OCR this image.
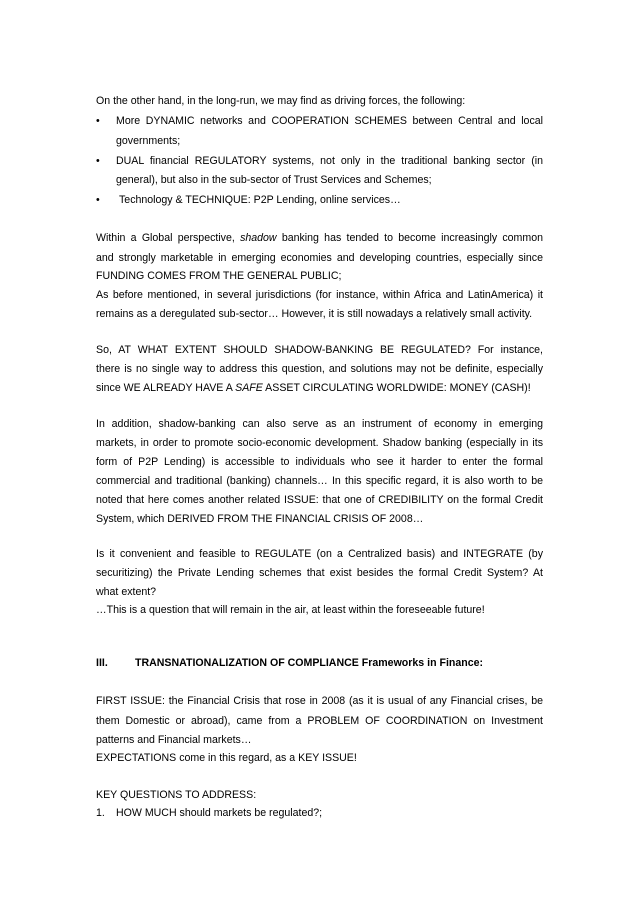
On the other hand, in the long-run, we may find as driving forces, the following:
• More DYNAMIC networks and COOPERATION SCHEMES between Central and local
governments;
• DUAL financial REGULATORY systems, not only in the traditional banking sector (in
general), but also in the sub-sector of Trust Services and Schemes;
• Technology & TECHNIQUE: P2P Lending, online services…
Within a Global perspective, shadow banking has tended to become increasingly common
and strongly marketable in emerging economies and developing countries, especially since
FUNDING COMES FROM THE GENERAL PUBLIC;
As before mentioned, in several jurisdictions (for instance, within Africa and LatinAmerica) it
remains as a deregulated sub-sector… However, it is still nowadays a relatively small activity.
So, AT WHAT EXTENT SHOULD SHADOW-BANKING BE REGULATED? For instance,
there is no single way to address this question, and solutions may not be definite, especially
since WE ALREADY HAVE A SAFE ASSET CIRCULATING WORLDWIDE: MONEY (CASH)!
In addition, shadow-banking can also serve as an instrument of economy in emerging
markets, in order to promote socio-economic development. Shadow banking (especially in its
form of P2P Lending) is accessible to individuals who see it harder to enter the formal
commercial and traditional (banking) channels… In this specific regard, it is also worth to be
noted that here comes another related ISSUE: that one of CREDIBILITY on the formal Credit
System, which DERIVED FROM THE FINANCIAL CRISIS OF 2008…
Is it convenient and feasible to REGULATE (on a Centralized basis) and INTEGRATE (by
securitizing) the Private Lending schemes that exist besides the formal Credit System? At
what extent?
…This is a question that will remain in the air, at least within the foreseeable future!
III.	TRANSNATIONALIZATION OF COMPLIANCE Frameworks in Finance:
FIRST ISSUE: the Financial Crisis that rose in 2008 (as it is usual of any Financial crises, be
them Domestic or abroad), came from a PROBLEM OF COORDINATION on Investment
patterns and Financial markets…
EXPECTATIONS come in this regard, as a KEY ISSUE!
KEY QUESTIONS TO ADDRESS:
1.	HOW MUCH should markets be regulated?;
